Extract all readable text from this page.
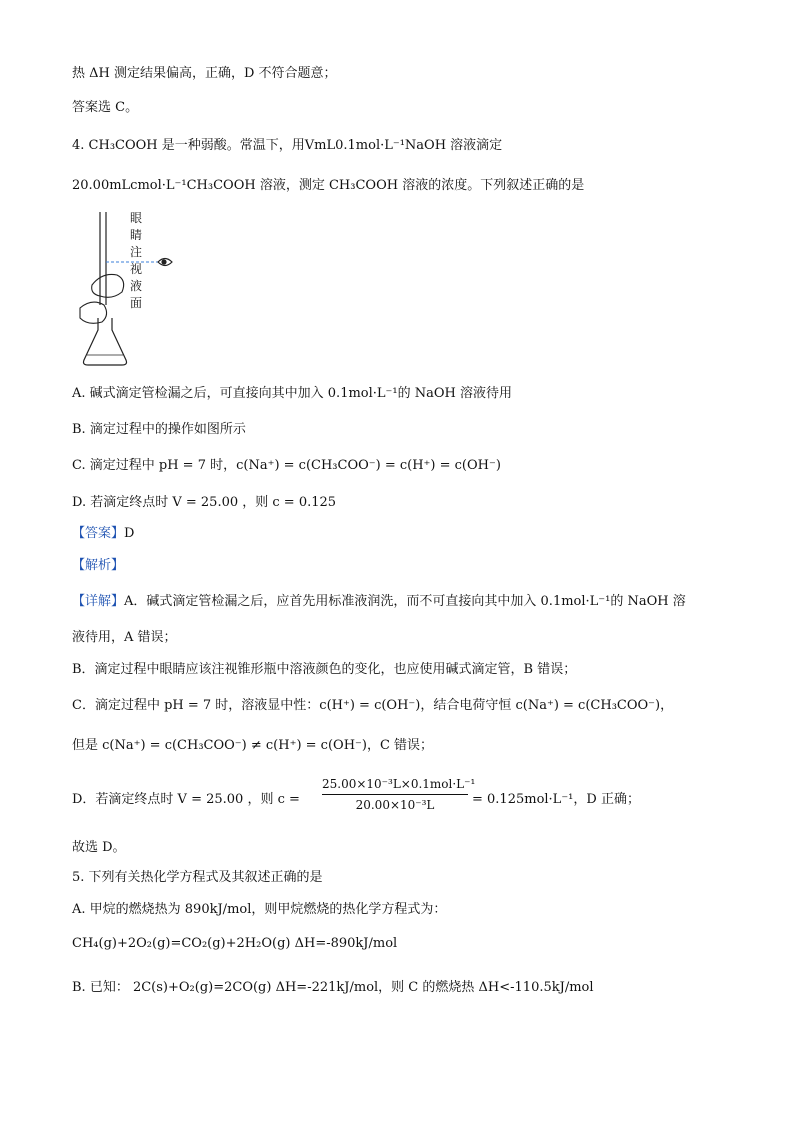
热 ΔH 测定结果偏高，正确，D 不符合题意；
答案选 C。
4. CH₃COOH 是一种弱酸。常温下，用VmL0.1mol·L⁻¹NaOH 溶液滴定
20.00mLcmol·L⁻¹CH₃COOH 溶液，测定 CH₃COOH 溶液的浓度。下列叙述正确的是
眼睛注
视液面
A. 碱式滴定管检漏之后，可直接向其中加入 0.1mol·L⁻¹的 NaOH 溶液待用
B. 滴定过程中的操作如图所示
C. 滴定过程中 pH = 7 时，c(Na⁺) = c(CH₃COO⁻) = c(H⁺) = c(OH⁻)
D. 若滴定终点时 V = 25.00 ，则 c = 0.125
【答案】D
【解析】
【详解】A．碱式滴定管检漏之后，应首先用标准液润洗，而不可直接向其中加入 0.1mol·L⁻¹的 NaOH 溶
液待用，A 错误；
B．滴定过程中眼睛应该注视锥形瓶中溶液颜色的变化，也应使用碱式滴定管，B 错误；
C．滴定过程中 pH = 7 时，溶液显中性：c(H⁺) = c(OH⁻)，结合电荷守恒 c(Na⁺) = c(CH₃COO⁻)，
但是 c(Na⁺) = c(CH₃COO⁻) ≠ c(H⁺) = c(OH⁻)，C 错误；
D．若滴定终点时 V = 25.00 ，则 c =
25.00×10⁻³L×0.1mol·L⁻¹
20.00×10⁻³L	= 0.125mol·L⁻¹，D 正确；
故选 D。
5. 下列有关热化学方程式及其叙述正确的是
A. 甲烷的燃烧热为 890kJ/mol，则甲烷燃烧的热化学方程式为：
CH₄(g)+2O₂(g)=CO₂(g)+2H₂O(g) ΔH=-890kJ/mol
B. 已知： 2C(s)+O₂(g)=2CO(g) ΔH=-221kJ/mol，则 C 的燃烧热 ΔH<-110.5kJ/mol
